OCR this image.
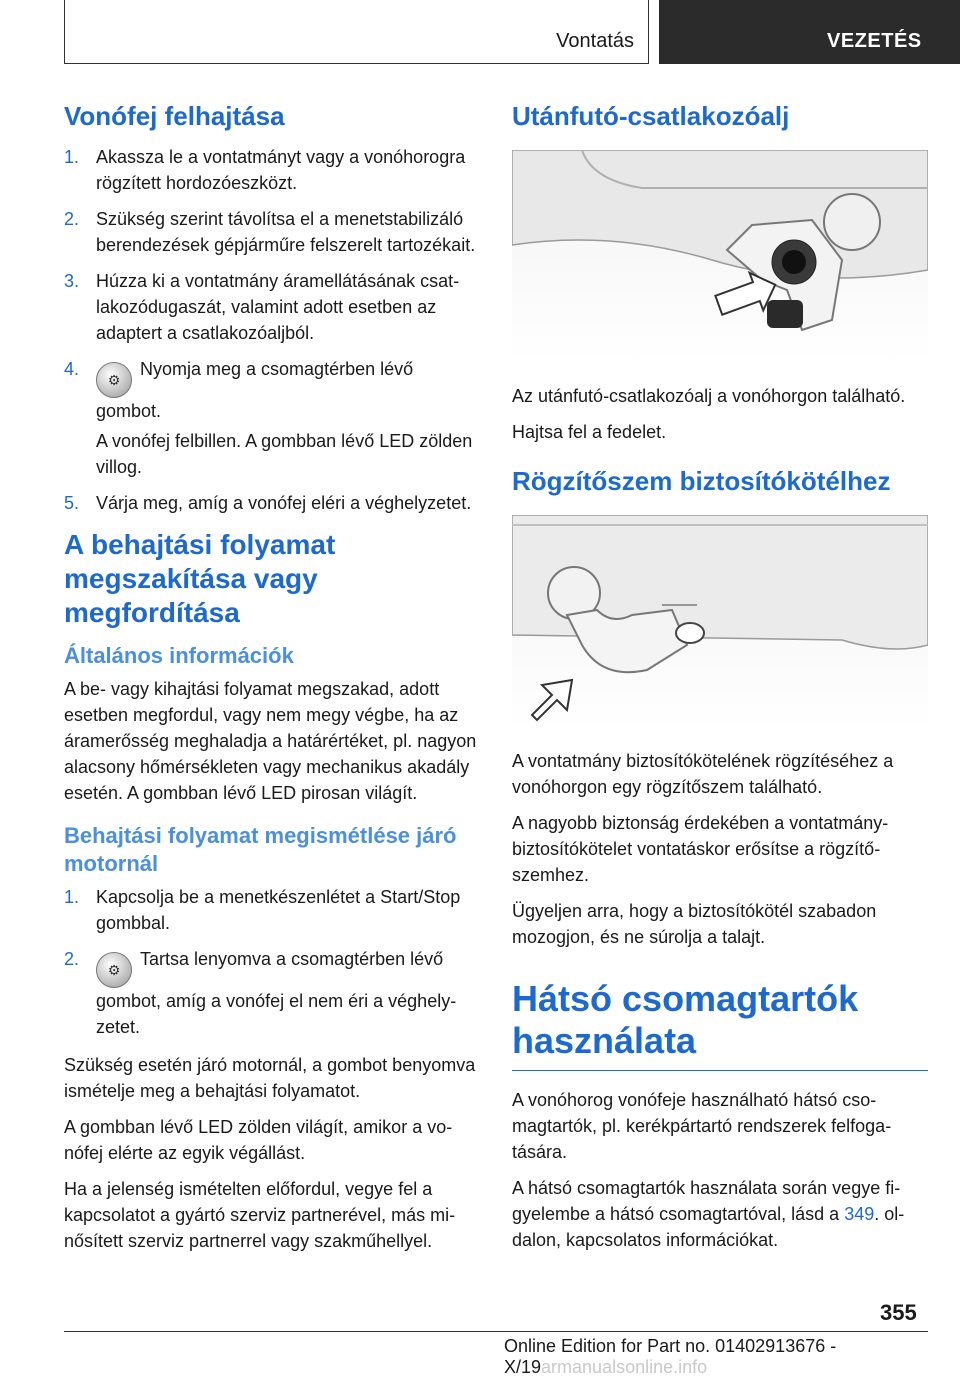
Vontatás	VEZETÉS
Vonófej felhajtása
1. Akassza le a vontatmányt vagy a vonóhorogra rögzített hordozóeszközt.
2. Szükség szerint távolítsa el a menetstabilizáló berendezések gépjárműre felszerelt tartozékait.
3. Húzza ki a vontatmány áramellátásának csatlakozódugaszát, valamint adott esetben az adaptert a csatlakozóaljból.
4.
⚙Nyomja meg a csomagtérben lévő gombot.

A vonófej felbillen. A gombban lévő LED zölden villog.

5. Várja meg, amíg a vonófej eléri a véghelyzetet.
A behajtási folyamat megszakítása vagy megfordítása
Általános információk

A be- vagy kihajtási folyamat megszakad, adott esetben megfordul, vagy nem megy végbe, ha az áramerősség meghaladja a határértéket, pl. nagyon alacsony hőmérsékleten vagy mechanikus akadály esetén. A gombban lévő LED pirosan világít.

Behajtási folyamat megismétlése járó motornál
1. Kapcsolja be a menetkészenlétet a Start/Stop gombbal.
2.
⚙Tartsa lenyomva a csomagtérben lévő gombot, amíg a vonófej el nem éri a véghelyzetet.

Szükség esetén járó motornál, a gombot benyomva ismételje meg a behajtási folyamatot.

A gombban lévő LED zölden világít, amikor a vonófej elérte az egyik végállást.

Ha a jelenség ismételten előfordul, vegye fel a kapcsolatot a gyártó szerviz partnerével, más minősített szerviz partnerrel vagy szakműhellyel.

Utánfutó-csatlakozóalj

Az utánfutó-csatlakozóalj a vonóhorgon található.

Hajtsa fel a fedelet.

Rögzítőszem biztosítókötélhez

A vontatmány biztosítókötelének rögzítéséhez a vonóhorgon egy rögzítőszem található.

A nagyobb biztonság érdekében a vontatmánybiztosítókötelet vontatáskor erősítse a rögzítőszemhez.

Ügyeljen arra, hogy a biztosítókötél szabadon mozogjon, és ne súrolja a talajt.

Hátsó csomagtartók használata

A vonóhorog vonófeje használható hátsó csomagtartók, pl. kerékpártartó rendszerek felfogatására.

A hátsó csomagtartók használata során vegye figyelembe a hátsó csomagtartóval, lásd a 349. oldalon, kapcsolatos információkat.

355
Online Edition for Part no. 01402913676 - X/19armanualsonline.info
